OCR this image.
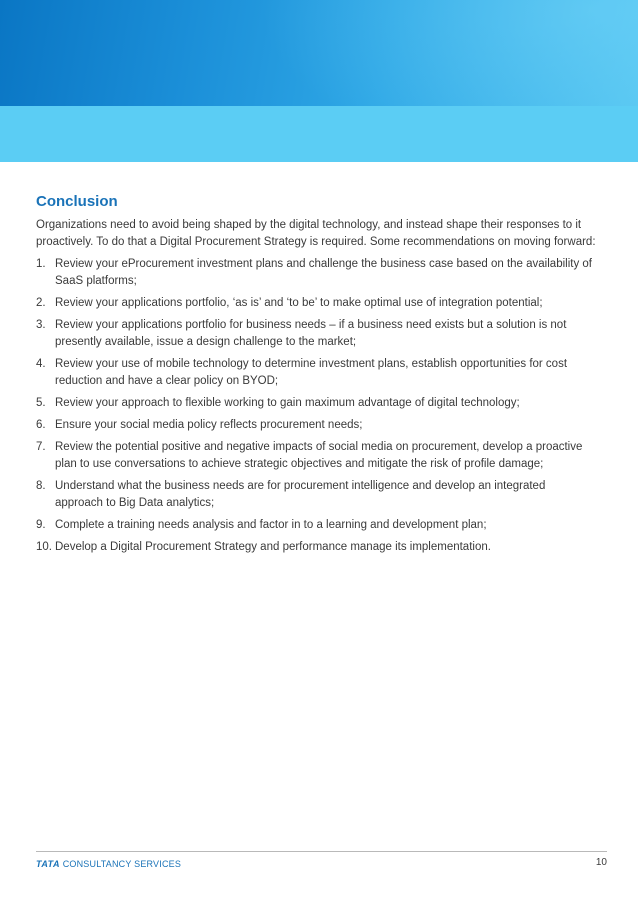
Conclusion

Organizations need to avoid being shaped by the digital technology, and instead shape their responses to it proactively. To do that a Digital Procurement Strategy is required. Some recommendations on moving forward:

1. Review your eProcurement investment plans and challenge the business case based on the availability of SaaS platforms;
2. Review your applications portfolio, ‘as is’ and ‘to be’ to make optimal use of integration potential;
3. Review your applications portfolio for business needs – if a business need exists but a solution is not presently available, issue a design challenge to the market;
4. Review your use of mobile technology to determine investment plans, establish opportunities for cost reduction and have a clear policy on BYOD;
5. Review your approach to flexible working to gain maximum advantage of digital technology;
6. Ensure your social media policy reflects procurement needs;
7. Review the potential positive and negative impacts of social media on procurement, develop a proactive plan to use conversations to achieve strategic objectives and mitigate the risk of profile damage;
8. Understand what the business needs are for procurement intelligence and develop an integrated approach to Big Data analytics;
9. Complete a training needs analysis and factor in to a learning and development plan;
10. Develop a Digital Procurement Strategy and performance manage its implementation.
TATA CONSULTANCY SERVICES	10
